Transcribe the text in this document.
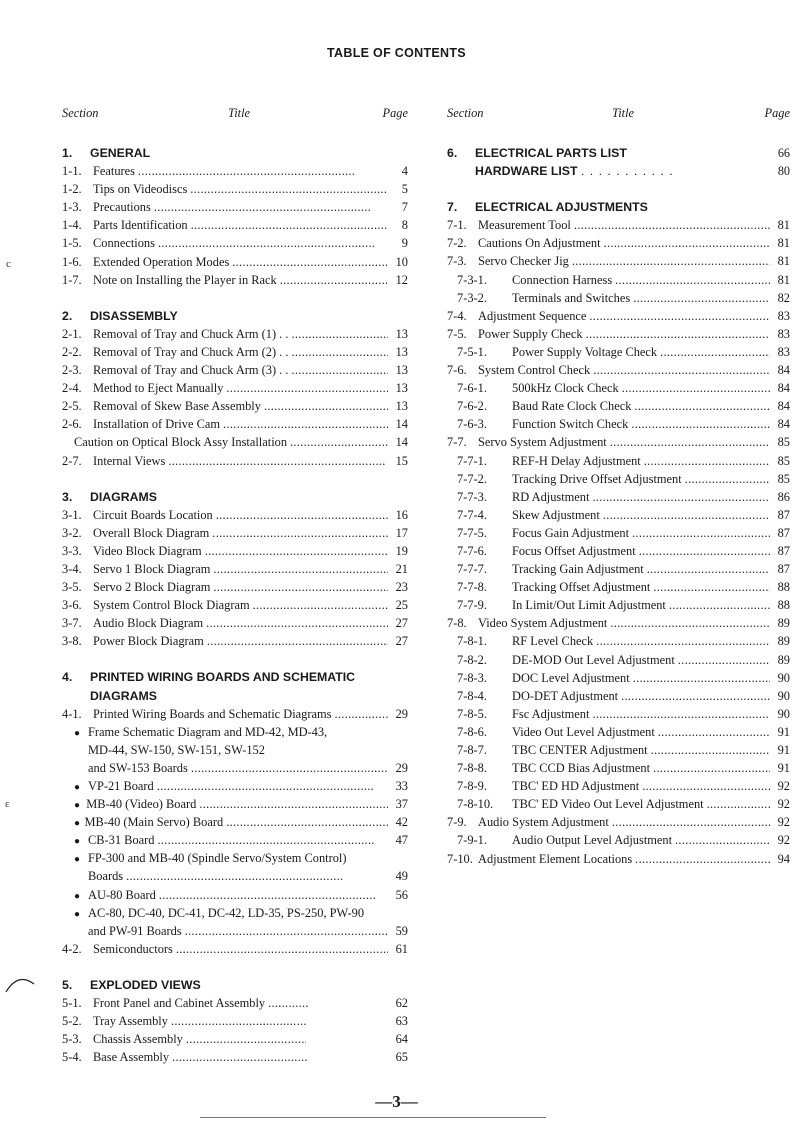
TABLE OF CONTENTS
c
ε
Section	Title	Page
1. GENERAL
1-1. Features . . .	4
1-2. Tips on Videodiscs . . .	5
1-3. Precautions . . .	7
1-4. Parts Identification . . .	8
1-5. Connections . . .	9
1-6. Extended Operation Modes . . .	10
1-7. Note on Installing the Player in Rack . . .	12
2. DISASSEMBLY
2-1. Removal of Tray and Chuck Arm (1) . . . . .	13
2-2. Removal of Tray and Chuck Arm (2) . . . . .	13
2-3. Removal of Tray and Chuck Arm (3) . . . . .	13
2-4. Method to Eject Manually . . .	13
2-5. Removal of Skew Base Assembly . . .	13
2-6. Installation of Drive Cam . . .	14
Caution on Optical Block Assy Installation . . .	14
2-7. Internal Views . . .	15
3. DIAGRAMS
3-1. Circuit Boards Location . . .	16
3-2. Overall Block Diagram . . .	17
3-3. Video Block Diagram . . .	19
3-4. Servo 1 Block Diagram . . .	21
3-5. Servo 2 Block Diagram . . .	23
3-6. System Control Block Diagram . . .	25
3-7. Audio Block Diagram . . .	27
3-8. Power Block Diagram . . .	27
4. PRINTED WIRING BOARDS AND SCHEMATIC
DIAGRAMS
4-1. Printed Wiring Boards and Schematic Diagrams . . .	29
● Frame Schematic Diagram and MD-42, MD-43,
MD-44, SW-150, SW-151, SW-152
and SW-153 Boards . . .	29
● VP-21 Board . . .	33
● MB-40 (Video) Board . . .	37
● MB-40 (Main Servo) Board . . .	42
● CB-31 Board . . .	47
● FP-300 and MB-40 (Spindle Servo/System Control)
Boards . . .	49
● AU-80 Board . . .	56
● AC-80, DC-40, DC-41, DC-42, LD-35, PS-250, PW-90
and PW-91 Boards . . .	59
4-2. Semiconductors . . .	61
5. EXPLODED VIEWS
5-1. Front Panel and Cabinet Assembly . . .	62
5-2. Tray Assembly . . .	63
5-3. Chassis Assembly . . .	64
5-4. Base Assembly . . .	65
Section	Title	Page
6. ELECTRICAL PARTS LIST	66
HARDWARE LIST . . . . . . . . . . .	80
7. ELECTRICAL ADJUSTMENTS
7-1. Measurement Tool . . .	81
7-2. Cautions On Adjustment . . .	81
7-3. Servo Checker Jig . . .	81
7-3-1.	Connection Harness . . .	81
7-3-2.	Terminals and Switches . . .	82
7-4. Adjustment Sequence . . .	83
7-5. Power Supply Check . . .	83
7-5-1.	Power Supply Voltage Check . . .	83
7-6. System Control Check . . .	84
7-6-1.	500kHz Clock Check . . .	84
7-6-2.	Baud Rate Clock Check . . .	84
7-6-3.	Function Switch Check . . .	84
7-7. Servo System Adjustment . . .	85
7-7-1.	REF-H Delay Adjustment . . .	85
7-7-2.	Tracking Drive Offset Adjustment . . .	85
7-7-3.	RD Adjustment . . .	86
7-7-4.	Skew Adjustment . . .	87
7-7-5.	Focus Gain Adjustment . . .	87
7-7-6.	Focus Offset Adjustment . . .	87
7-7-7.	Tracking Gain Adjustment . . .	87
7-7-8.	Tracking Offset Adjustment . . .	88
7-7-9.	In Limit/Out Limit Adjustment . . .	88
7-8. Video System Adjustment . . .	89
7-8-1.	RF Level Check . . .	89
7-8-2.	DE-MOD Out Level Adjustment . . .	89
7-8-3.	DOC Level Adjustment . . .	90
7-8-4.	DO-DET Adjustment . . .	90
7-8-5.	Fsc Adjustment . . .	90
7-8-6.	Video Out Level Adjustment . . .	91
7-8-7.	TBC CENTER Adjustment . . .	91
7-8-8.	TBC CCD Bias Adjustment . . .	91
7-8-9.	TBC' ED HD Adjustment . . .	92
7-8-10.	TBC' ED Video Out Level Adjustment . . .	92
7-9. Audio System Adjustment . . .	92
7-9-1.	Audio Output Level Adjustment . . .	92
7-10. Adjustment Element Locations . . .	94
—3—
